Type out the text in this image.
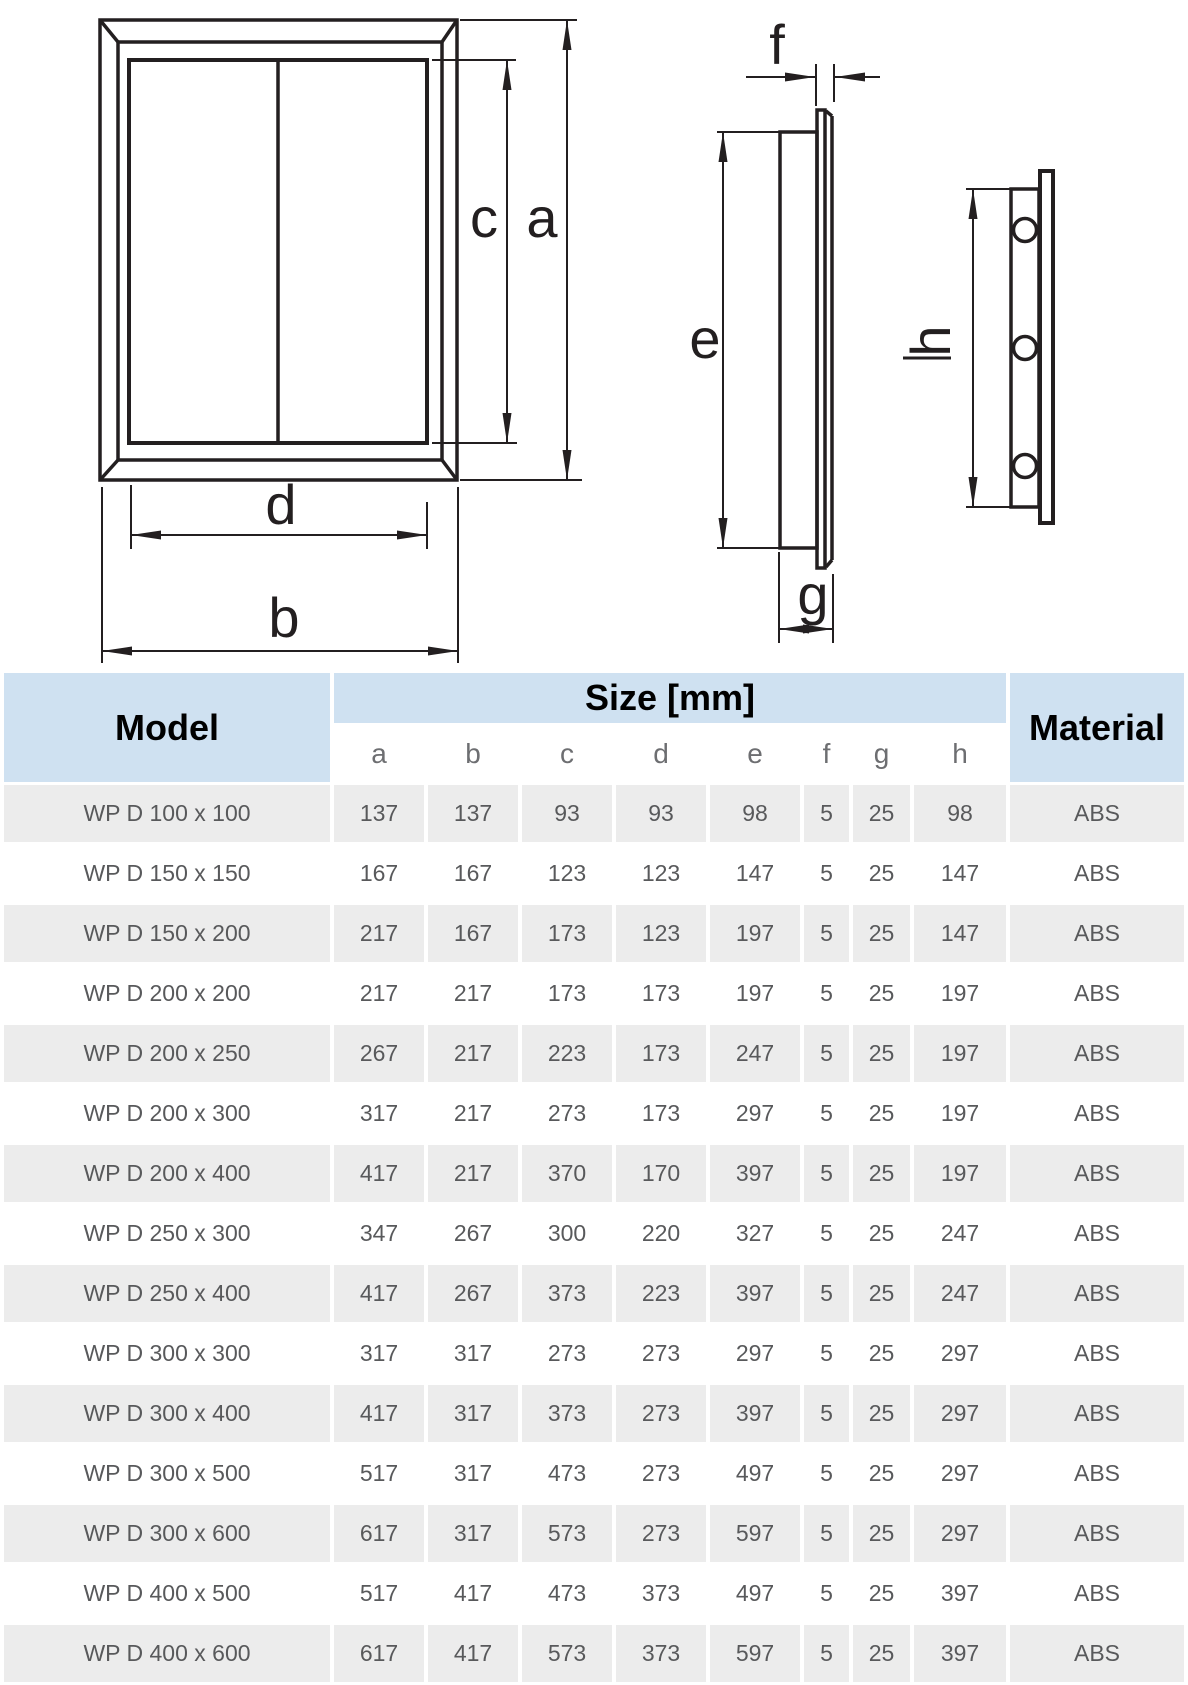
c a
d
b
f
e
g
h
Model	Size [mm]								Material
	a	b	c	d	e	f	g	h	
WP D 100 x 100	137	137	93	93	98	5	25	98	ABS
WP D 150 x 150	167	167	123	123	147	5	25	147	ABS
WP D 150 x 200	217	167	173	123	197	5	25	147	ABS
WP D 200 x 200	217	217	173	173	197	5	25	197	ABS
WP D 200 x 250	267	217	223	173	247	5	25	197	ABS
WP D 200 x 300	317	217	273	173	297	5	25	197	ABS
WP D 200 x 400	417	217	370	170	397	5	25	197	ABS
WP D 250 x 300	347	267	300	220	327	5	25	247	ABS
WP D 250 x 400	417	267	373	223	397	5	25	247	ABS
WP D 300 x 300	317	317	273	273	297	5	25	297	ABS
WP D 300 x 400	417	317	373	273	397	5	25	297	ABS
WP D 300 x 500	517	317	473	273	497	5	25	297	ABS
WP D 300 x 600	617	317	573	273	597	5	25	297	ABS
WP D 400 x 500	517	417	473	373	497	5	25	397	ABS
WP D 400 x 600	617	417	573	373	597	5	25	397	ABS
